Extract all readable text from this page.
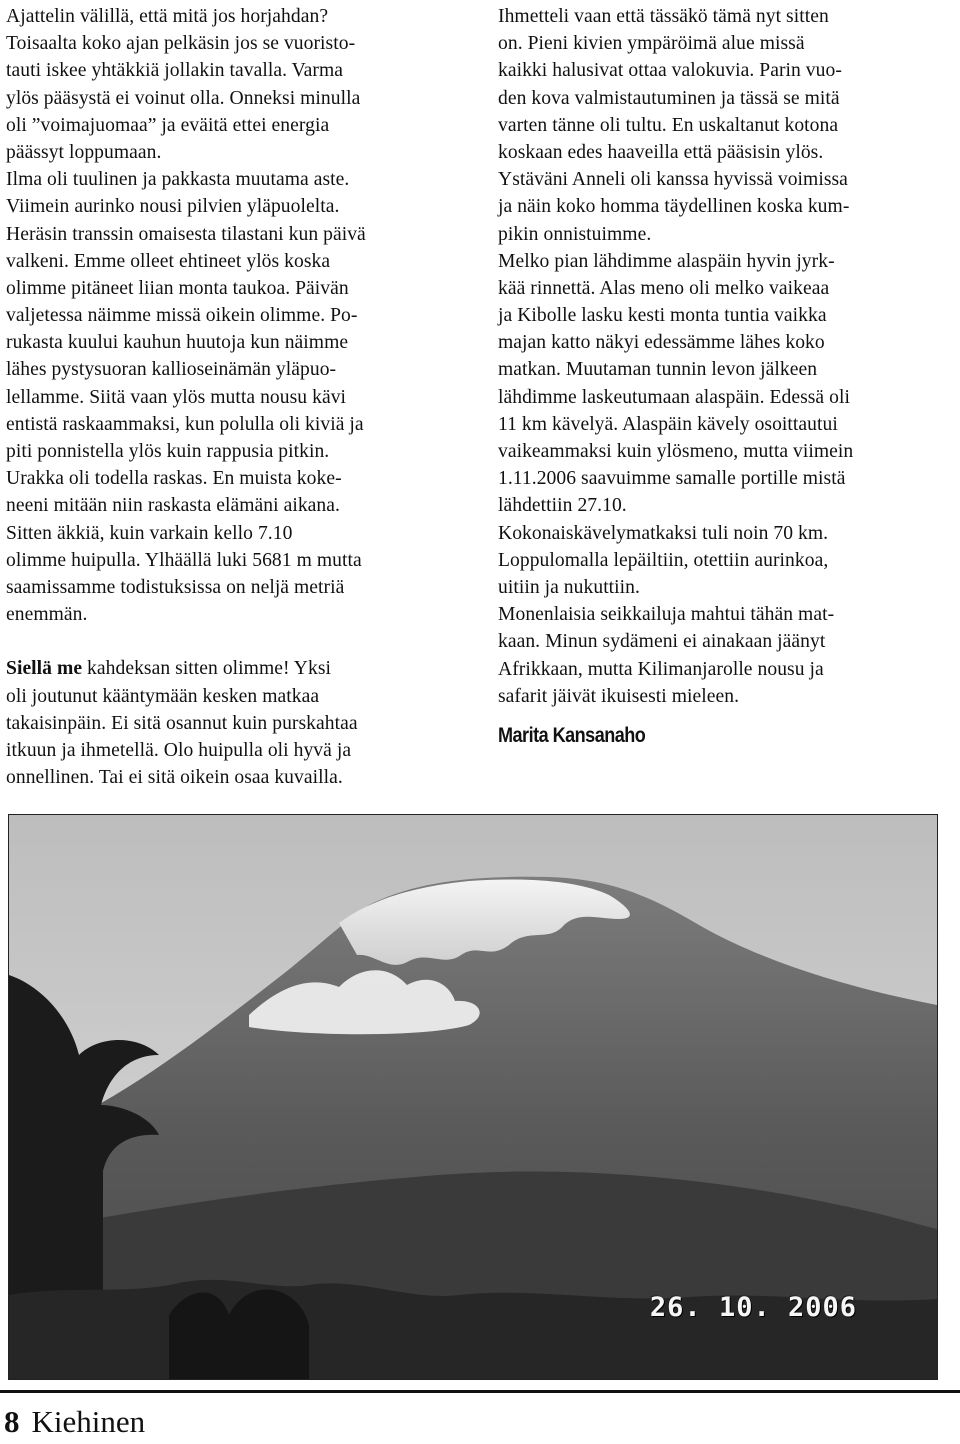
Ajattelin välillä, että mitä jos horjahdan?
Toisaalta koko ajan pelkäsin jos se vuoristo-
tauti iskee yhtäkkiä jollakin tavalla. Varma
ylös pääsystä ei voinut olla. Onneksi minulla
oli ”voimajuomaa” ja eväitä ettei energia
päässyt loppumaan.
Ilma oli tuulinen ja pakkasta muutama aste.
Viimein aurinko nousi pilvien yläpuolelta.
Heräsin transsin omaisesta tilastani kun päivä
valkeni. Emme olleet ehtineet ylös koska
olimme pitäneet liian monta taukoa. Päivän
valjetessa näimme missä oikein olimme. Po-
rukasta kuului kauhun huutoja kun näimme
lähes pystysuoran kallioseinämän yläpuo-
lellamme. Siitä vaan ylös mutta nousu kävi
entistä raskaammaksi, kun polulla oli kiviä ja
piti ponnistella ylös kuin rappusia pitkin.
Urakka oli todella raskas. En muista koke-
neeni mitään niin raskasta elämäni aikana.
Sitten äkkiä, kuin varkain kello 7.10
olimme huipulla. Ylhäällä luki 5681 m mutta
saamissamme todistuksissa on neljä metriä
enemmän.
Siellä me kahdeksan sitten olimme! Yksi
oli joutunut kääntymään kesken matkaa
takaisinpäin. Ei sitä osannut kuin purskahtaa
itkuun ja ihmetellä. Olo huipulla oli hyvä ja
onnellinen. Tai ei sitä oikein osaa kuvailla.
Ihmetteli vaan että tässäkö tämä nyt sitten
on. Pieni kivien ympäröimä alue missä
kaikki halusivat ottaa valokuvia. Parin vuo-
den kova valmistautuminen ja tässä se mitä
varten tänne oli tultu. En uskaltanut kotona
koskaan edes haaveilla että pääsisin ylös.
Ystäväni Anneli oli kanssa hyvissä voimissa
ja näin koko homma täydellinen koska kum-
pikin onnistuimme.
Melko pian lähdimme alaspäin hyvin jyrk-
kää rinnettä. Alas meno oli melko vaikeaa
ja Kibolle lasku kesti monta tuntia vaikka
majan katto näkyi edessämme lähes koko
matkan. Muutaman tunnin levon jälkeen
lähdimme laskeutumaan alaspäin. Edessä oli
11 km kävelyä. Alaspäin kävely osoittautui
vaikeammaksi kuin ylösmeno, mutta viimein
1.11.2006 saavuimme samalle portille mistä
lähdettiin 27.10.
Kokonaiskävelymatkaksi tuli noin 70 km.
Loppulomalla lepäiltiin, otettiin aurinkoa,
uitiin ja nukuttiin.
Monenlaisia seikkailuja mahtui tähän mat-
kaan. Minun sydämeni ei ainakaan jäänyt
Afrikkaan, mutta Kilimanjarolle nousu ja
safarit jäivät ikuisesti mieleen.
Marita Kansanaho
26. 10. 2006
8 Kiehinen
